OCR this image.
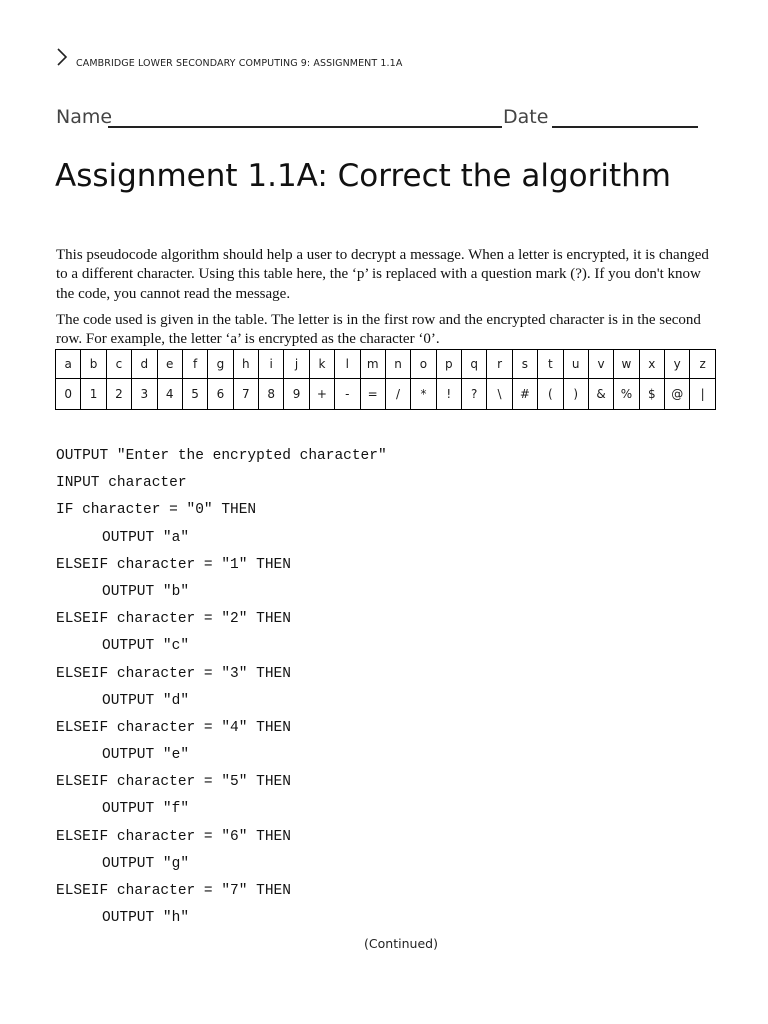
CAMBRIDGE LOWER SECONDARY COMPUTING 9: ASSIGNMENT 1.1A
Name	Date
Assignment 1.1A: Correct the algorithm

This pseudocode algorithm should help a user to decrypt a message. When a letter is encrypted, it is changed to a different character. Using this table here, the ‘p’ is replaced with a question mark (?). If you don't know the code, you cannot read the message.

The code used is given in the table. The letter is in the first row and the encrypted character is in the second row. For example, the letter ‘a’ is encrypted as the character ‘0’.

a	b	c	d	e	f	g	h	i	j	k	l	m	n	o	p	q	r	s	t	u	v	w	x	y	z
0	1	2	3	4	5	6	7	8	9	+	-	=	/	*	!	?	\	#	(	)	&	%	$	@	|
OUTPUT "Enter the encrypted character"
INPUT character
IF character = "0" THEN
OUTPUT "a"
ELSEIF character = "1" THEN
OUTPUT "b"
ELSEIF character = "2" THEN
OUTPUT "c"
ELSEIF character = "3" THEN
OUTPUT "d"
ELSEIF character = "4" THEN
OUTPUT "e"
ELSEIF character = "5" THEN
OUTPUT "f"
ELSEIF character = "6" THEN
OUTPUT "g"
ELSEIF character = "7" THEN
OUTPUT "h"
(Continued)
